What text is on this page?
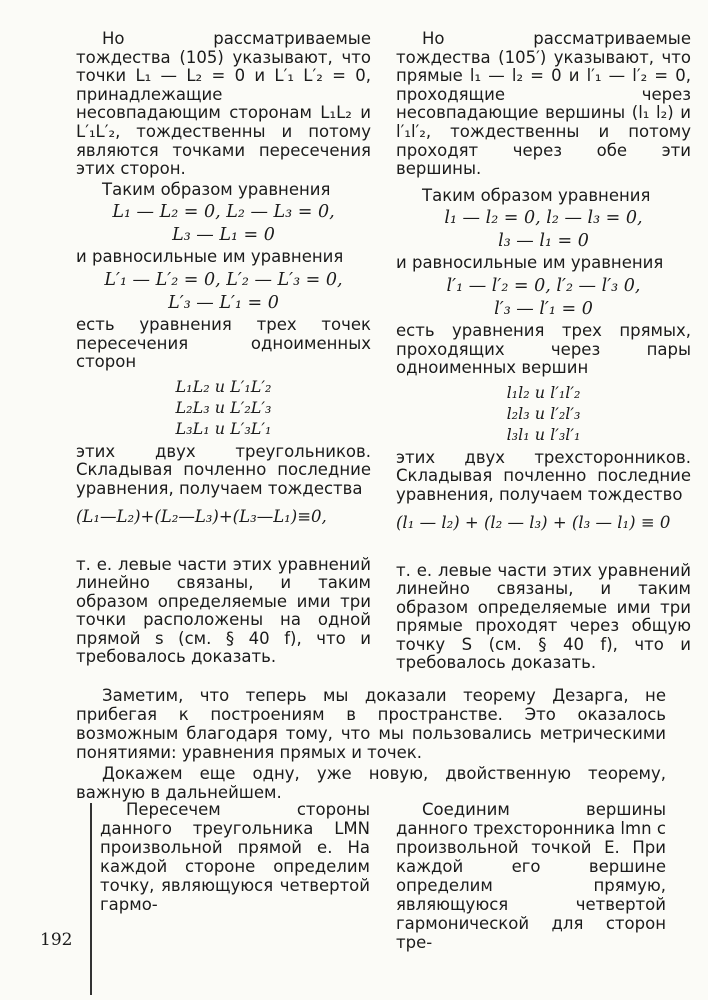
Но рассматриваемые тождества (105) указывают, что точки L₁ — L₂ = 0 и L′₁ L′₂ = 0, принадлежащие несовпадающим сторонам L₁L₂ и L′₁L′₂, тождественны и потому являются точками пересечения этих сторон.

Таким образом уравнения

L₁ — L₂ = 0, L₂ — L₃ = 0,
L₃ — L₁ = 0

и равносильные им уравнения

L′₁ — L′₂ = 0, L′₂ — L′₃ = 0,
L′₃ — L′₁ = 0

есть уравнения трех точек пересечения одноименных сторон

L₁L₂ и L′₁L′₂
L₂L₃ и L′₂L′₃
L₃L₁ и L′₃L′₁

этих двух треугольников. Складывая почленно последние уравнения, получаем тождества

(L₁—L₂)+(L₂—L₃)+(L₃—L₁)≡0,

т. е. левые части этих уравнений линейно связаны, и таким образом определяемые ими три точки расположены на одной прямой s (см. § 40 f), что и требовалось доказать.

Но рассматриваемые тождества (105′) указывают, что прямые l₁ — l₂ = 0 и l′₁ — l′₂ = 0, проходящие через несовпадающие вершины (l₁ l₂) и l′₁l′₂, тождественны и потому проходят через обе эти вершины.

Таким образом уравнения

l₁ — l₂ = 0, l₂ — l₃ = 0,
l₃ — l₁ = 0

и равносильные им уравнения

l′₁ — l′₂ = 0, l′₂ — l′₃ 0,
l′₃ — l′₁ = 0

есть уравнения трех прямых, проходящих через пары одноименных вершин

l₁l₂ и l′₁l′₂
l₂l₃ и l′₂l′₃
l₃l₁ и l′₃l′₁

этих двух трехсторонников. Складывая почленно последние уравнения, получаем тождество

(l₁ — l₂) + (l₂ — l₃) + (l₃ — l₁) ≡ 0

т. е. левые части этих уравнений линейно связаны, и таким образом определяемые ими три прямые проходят через общую точку S (см. § 40 f), что и требовалось доказать.

Заметим, что теперь мы доказали теорему Дезарга, не прибегая к построениям в пространстве. Это оказалось возможным благодаря тому, что мы пользовались метрическими понятиями: уравнения прямых и точек.

Докажем еще одну, уже новую, двойственную теорему, важную в дальнейшем.

Пересечем стороны данного треугольника LMN произвольной прямой e. На каждой стороне определим точку, являющуюся четвертой гармо-

Соединим вершины данного трехсторонника lmn с произвольной точкой E. При каждой его вершине определим прямую, являющуюся четвертой гармонической для сторон тре-

192
